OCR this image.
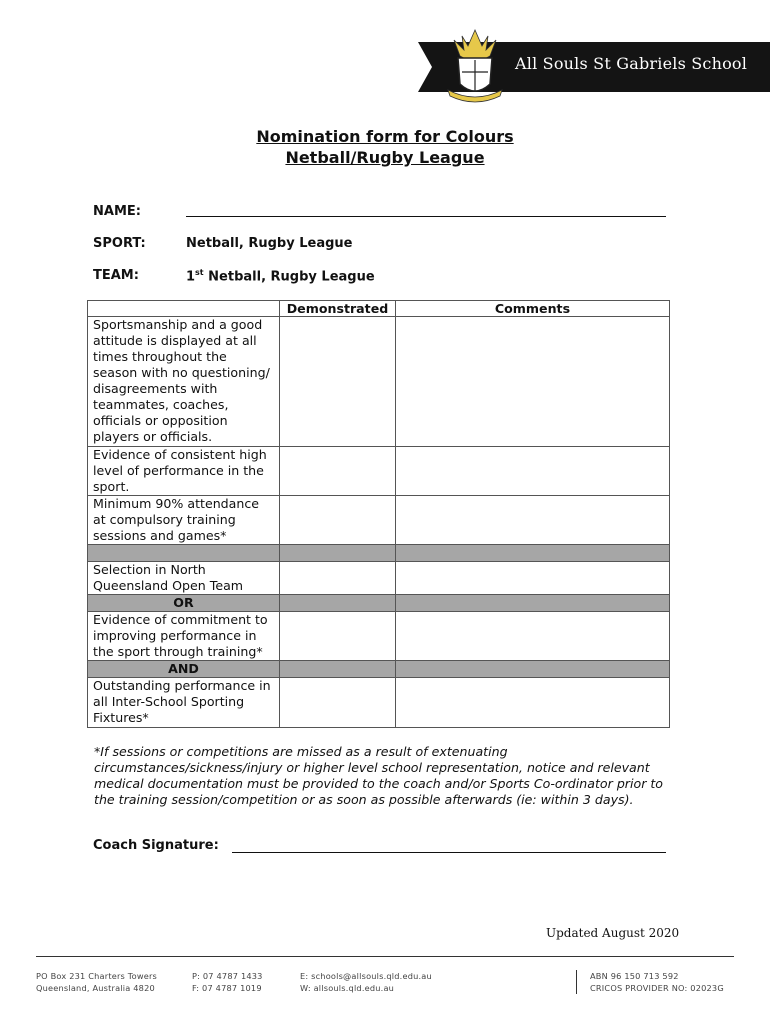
All Souls St Gabriels School
Nomination form for Colours
Netball/Rugby League
NAME:
SPORT:	Netball, Rugby League
TEAM:	1st Netball, Rugby League
	Demonstrated	Comments
Sportsmanship and a good attitude is displayed at all times throughout the season with no questioning/ disagreements with teammates, coaches, officials or opposition players or officials.		
Evidence of consistent high level of performance in the sport.		
Minimum 90% attendance at compulsory training sessions and games*		

Selection in North Queensland Open Team		
OR		
Evidence of commitment to improving performance in the sport through training*		
AND		
Outstanding performance in all Inter-School Sporting Fixtures*		
*If sessions or competitions are missed as a result of extenuating circumstances/sickness/injury or higher level school representation, notice and relevant medical documentation must be provided to the coach and/or Sports Co-ordinator prior to the training session/competition or as soon as possible afterwards (ie: within 3 days).
Coach Signature:
Updated August 2020
PO Box 231 Charters Towers
Queensland, Australia 4820
P: 07 4787 1433
F: 07 4787 1019
E: schools@allsouls.qld.edu.au
W: allsouls.qld.edu.au
ABN 96 150 713 592
CRICOS PROVIDER NO: 02023G
